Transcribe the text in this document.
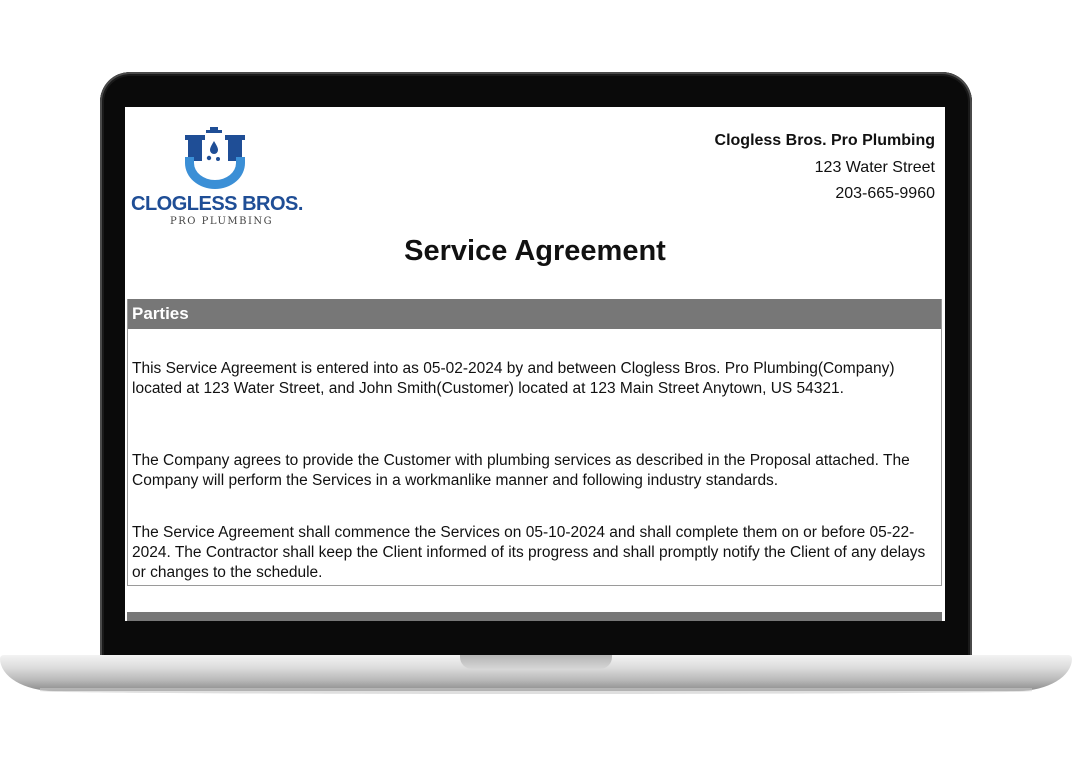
CLOGLESS BROS.
PRO PLUMBING
Clogless Bros. Pro Plumbing
123 Water Street
203-665-9960
Service Agreement
Parties
This Service Agreement is entered into as 05-02-2024 by and between Clogless Bros. Pro Plumbing(Company) located at 123 Water Street, and John Smith(Customer) located at 123 Main Street Anytown, US 54321.
The Company agrees to provide the Customer with plumbing services as described in the Proposal attached. The Company will perform the Services in a workmanlike manner and following industry standards.
The Service Agreement shall commence the Services on 05-10-2024 and shall complete them on or before 05-22-2024. The Contractor shall keep the Client informed of its progress and shall promptly notify the Client of any delays or changes to the schedule.
